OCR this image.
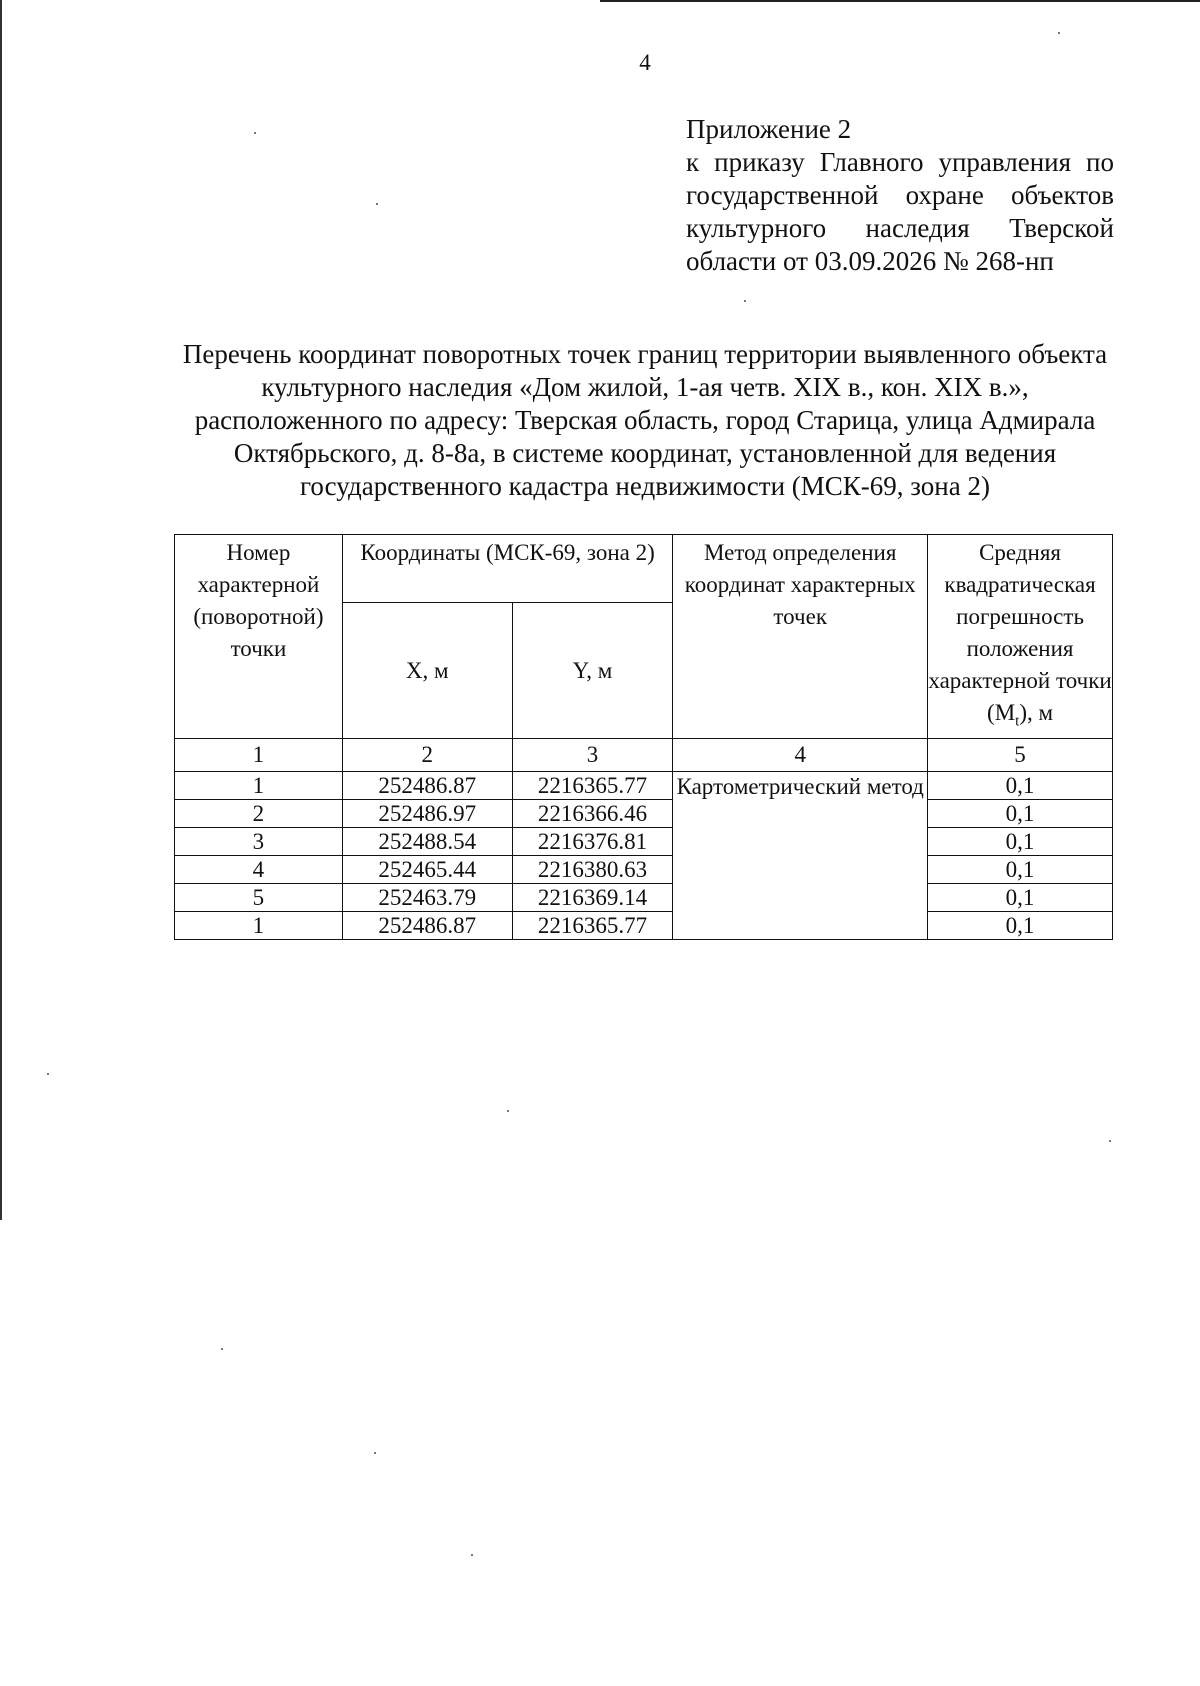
4
Приложение 2
к приказу Главного управления по государственной охране объектов культурного наследия Тверской области от 03.09.2026 № 268-нп
Перечень координат поворотных точек границ территории выявленного объекта культурного наследия «Дом жилой, 1-ая четв. XIX в., кон. XIX в.», расположенного по адресу: Тверская область, город Старица, улица Адмирала Октябрьского, д. 8-8а, в системе координат, установленной для ведения государственного кадастра недвижимости (МСК-69, зона 2)
Номер характерной (поворотной) точки	Координаты (МСК-69, зона 2)		Метод определения координат характерных точек	Средняя квадратическая погрешность положения характерной точки $(M_t)$, м
	X, м	Y, м		
1	2	3	4	5
1	252486.87	2216365.77	Картометрический метод	0,1
2	252486.97	2216366.46		0,1
3	252488.54	2216376.81		0,1
4	252465.44	2216380.63		0,1
5	252463.79	2216369.14		0,1
1	252486.87	2216365.77		0,1
